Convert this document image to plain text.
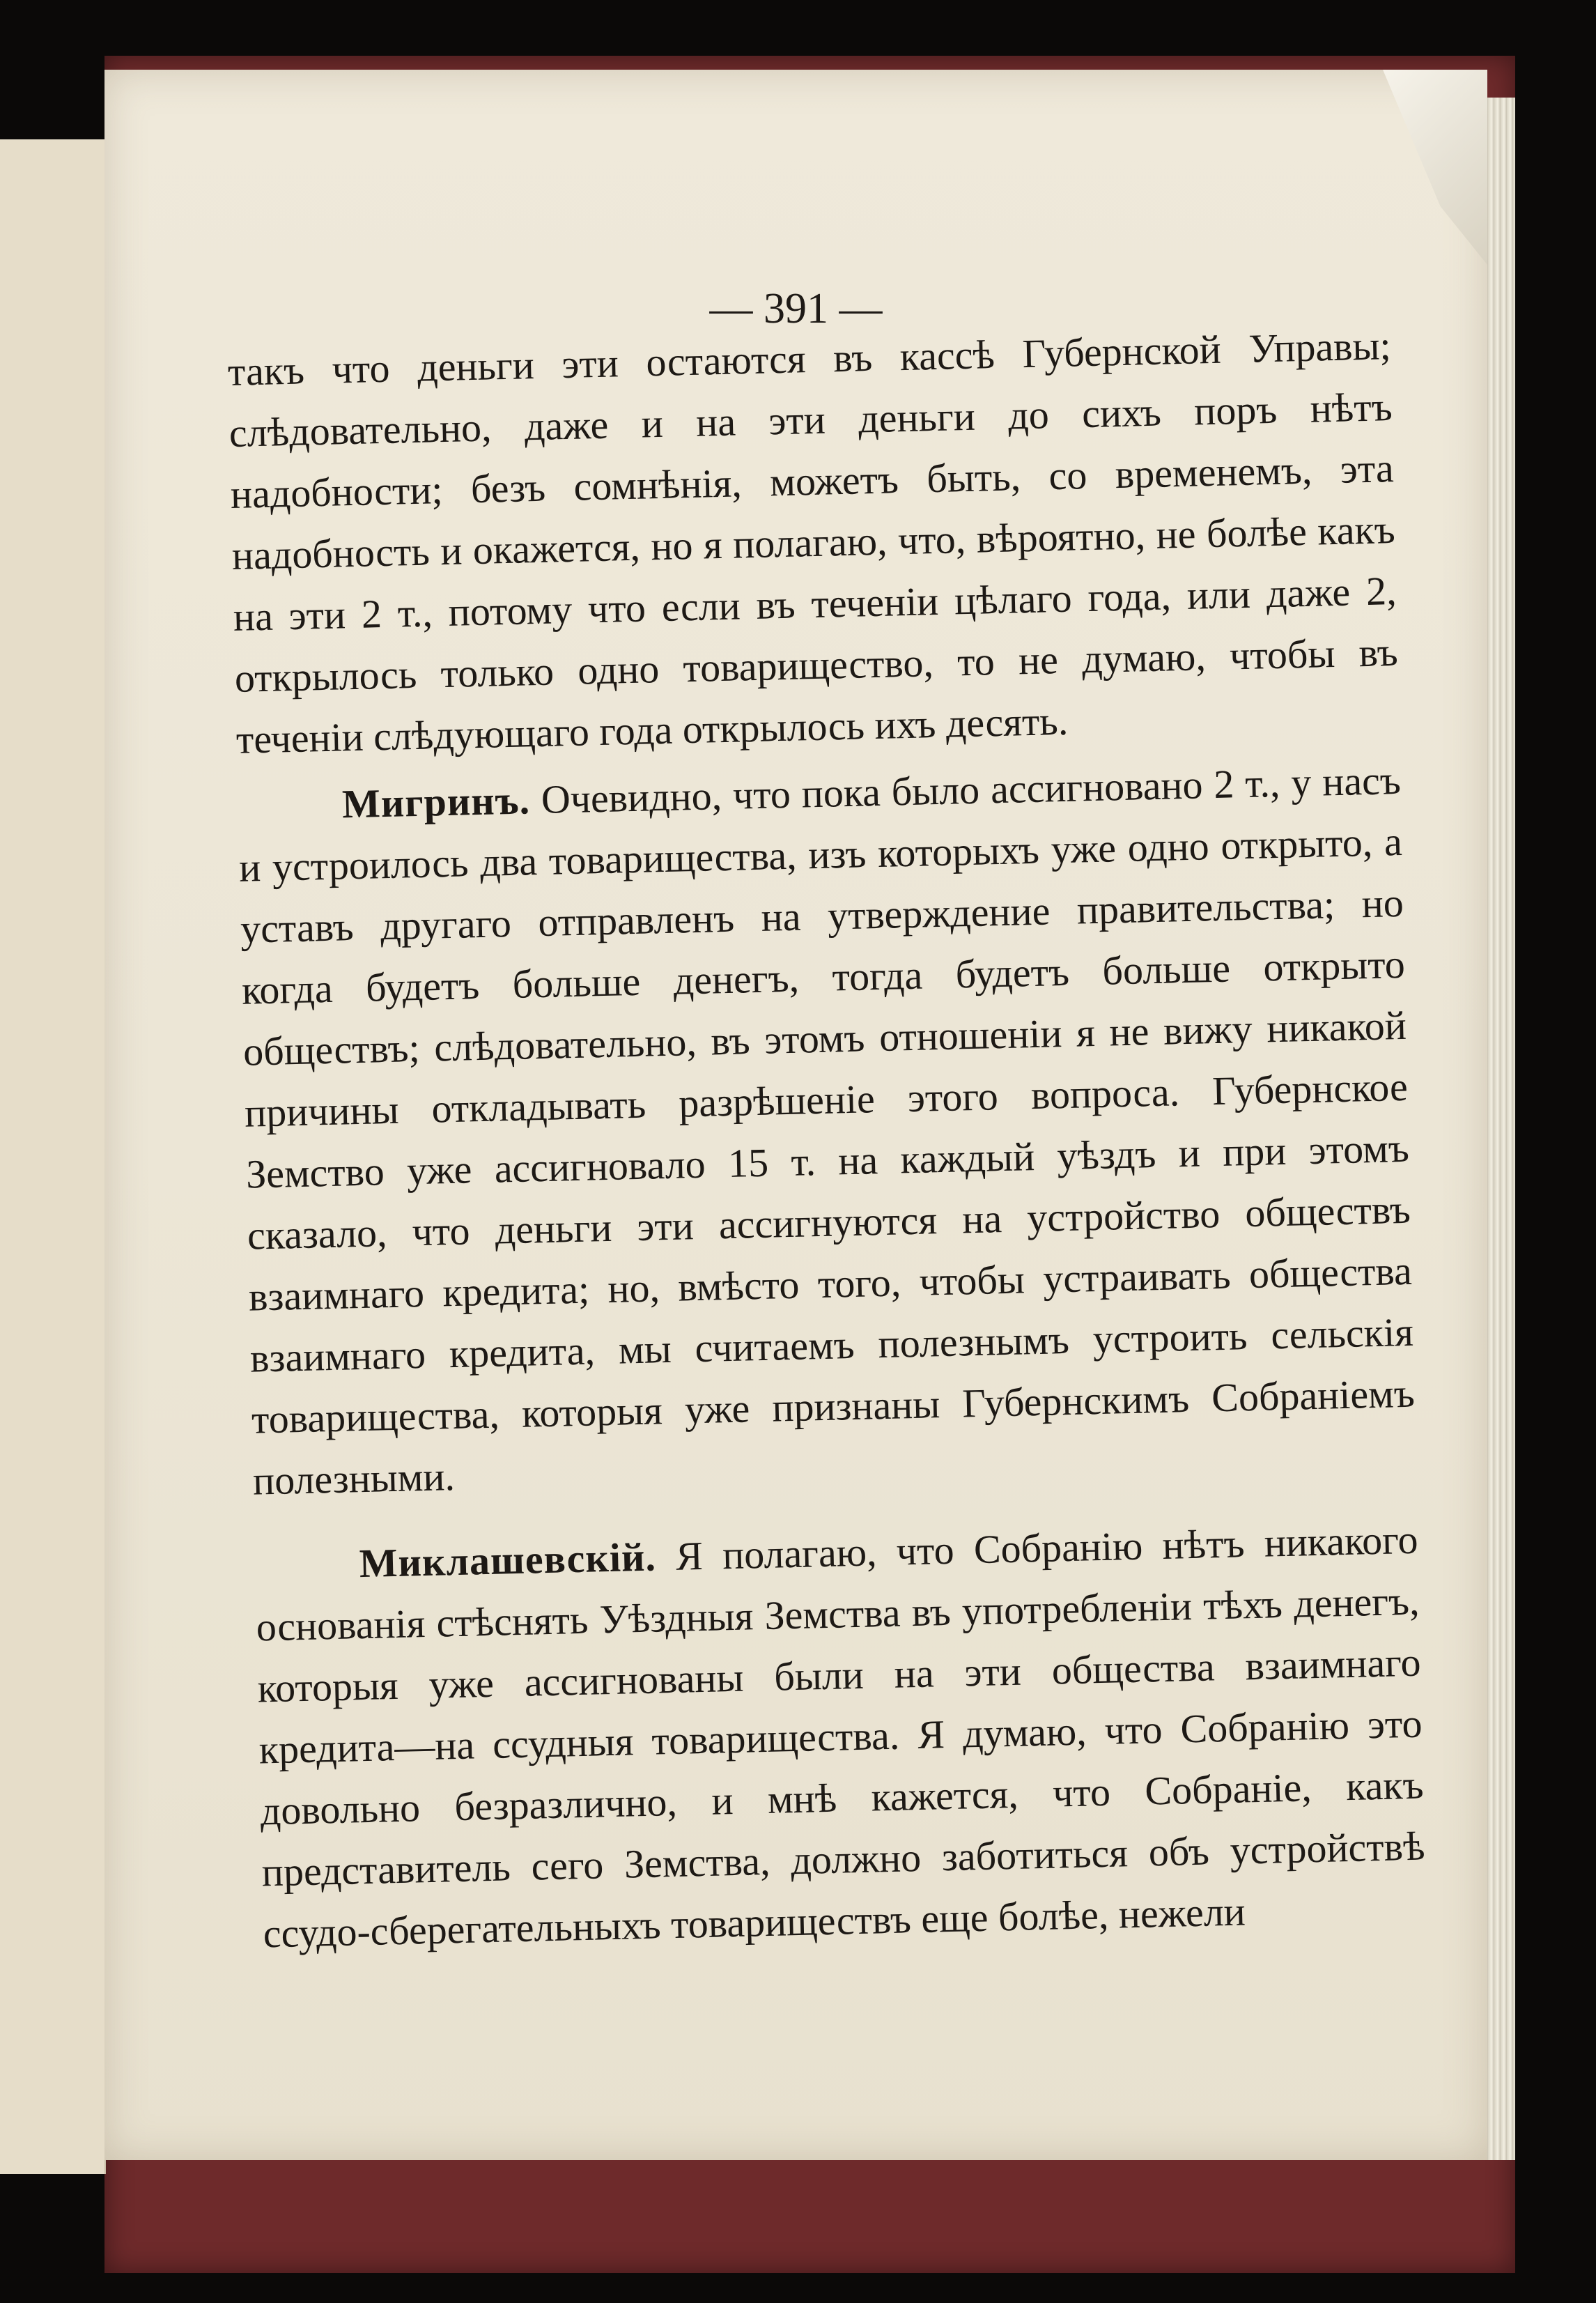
— 391 —

такъ что деньги эти остаются въ кассѣ Губернской Управы; слѣдовательно, даже и на эти деньги до сихъ поръ нѣтъ надобности; безъ сомнѣнія, можетъ быть, со временемъ, эта надобность и окажется, но я полагаю, что, вѣроятно, не болѣе какъ на эти 2 т., потому что если въ теченіи цѣлаго года, или даже 2, открылось только одно товарищество, то не думаю, чтобы въ теченіи слѣдующаго года открылось ихъ десять.

Мигринъ. Очевидно, что пока было ассигновано 2 т., у насъ и устроилось два товарищества, изъ которыхъ уже одно открыто, а уставъ другаго отправленъ на утверждение правительства; но когда будетъ больше денегъ, тогда будетъ больше открыто обществъ; слѣдовательно, въ этомъ отношеніи я не вижу никакой причины откладывать разрѣшеніе этого вопроса. Губернское Земство уже ассигновало 15 т. на каждый уѣздъ и при этомъ сказало, что деньги эти ассигнуются на устройство обществъ взаимнаго кредита; но, вмѣсто того, чтобы устраивать общества взаимнаго кредита, мы считаемъ полезнымъ устроить сельскія товарищества, которыя уже признаны Губернскимъ Собраніемъ полезными.

Миклашевскій. Я полагаю, что Собранію нѣтъ никакого основанія стѣснять Уѣздныя Земства въ употребленіи тѣхъ денегъ, которыя уже ассигнованы были на эти общества взаимнаго кредита—на ссудныя товарищества. Я думаю, что Собранію это довольно безразлично, и мнѣ кажется, что Собраніе, какъ представитель сего Земства, должно заботиться объ устройствѣ ссудо-сберегательныхъ товариществъ еще болѣе, нежели
